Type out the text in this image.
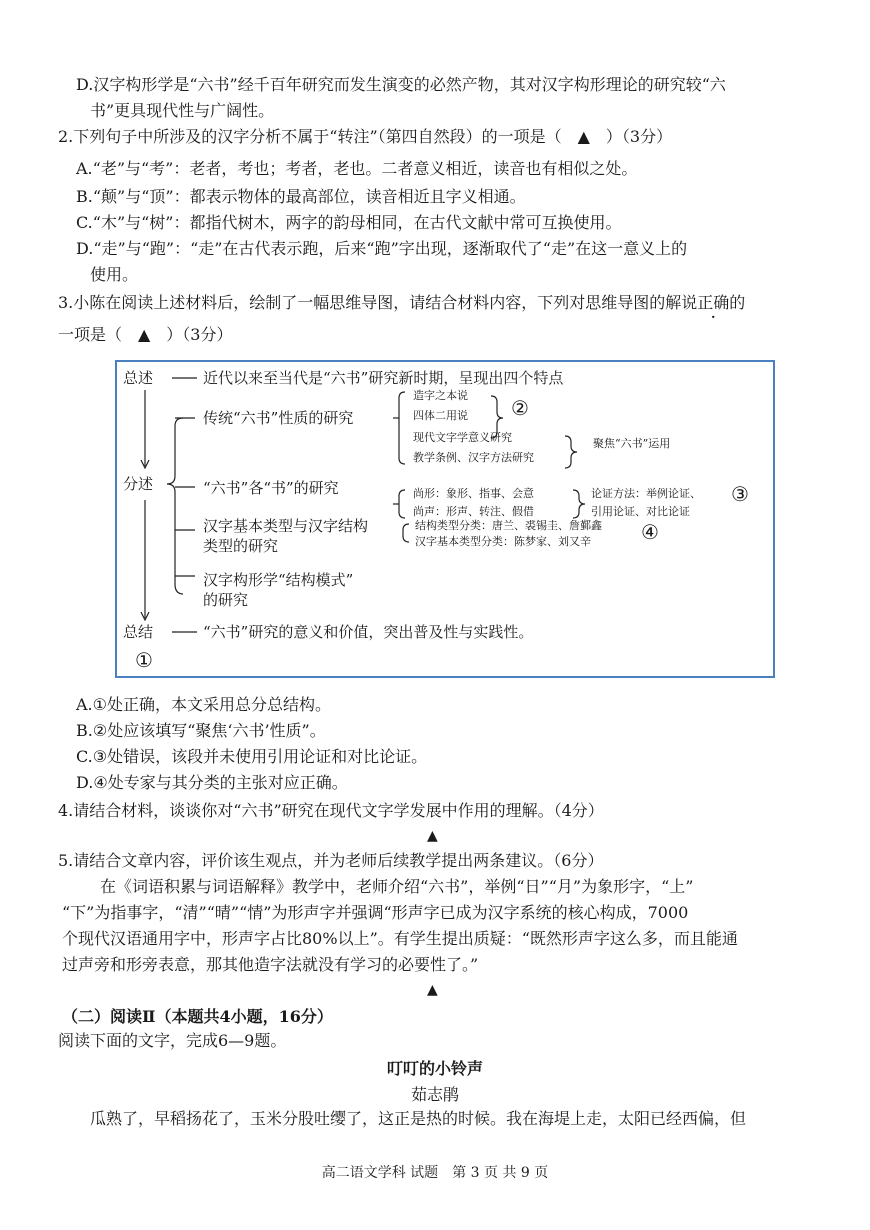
D.汉字构形学是“六书”经千百年研究而发生演变的必然产物，其对汉字构形理论的研究较“六
书”更具现代性与广阔性。
2.下列句子中所涉及的汉字分析不属于“转注”（第四自然段）的一项是（　▲　）（3分）
A.“老”与“考”：老者，考也；考者，老也。二者意义相近，读音也有相似之处。
B.“颠”与“顶”：都表示物体的最高部位，读音相近且字义相通。
C.“木”与“树”：都指代树木，两字的韵母相同，在古代文献中常可互换使用。
D.“走”与“跑”：“走”在古代表示跑，后来“跑”字出现，逐渐取代了“走”在这一意义上的
使用。
3.小陈在阅读上述材料后，绘制了一幅思维导图，请结合材料内容，下列对思维导图的解说正确的
一项是（　▲　）（3分）
总述	近代以来至当代是“六书”研究新时期，呈现出四个特点
分述
传统“六书”性质的研究
造字之本说
四体二用说
现代文字学意义研究
教学条例、汉字方法研究
②
聚焦“六书”运用
“六书”各“书”的研究	尚形：象形、指事、会意
尚声：形声、转注、假借
论证方法：举例论证、
引用论证、对比论证
③
汉字基本类型与汉字结构
类型的研究
结构类型分类：唐兰、裘锡圭、詹鄞鑫
汉字基本类型分类：陈梦家、刘又辛	④
汉字构形学“结构模式”
的研究
总结	“六书”研究的意义和价值，突出普及性与实践性。
①
A.①处正确，本文采用总分总结构。
B.②处应该填写“聚焦‘六书’性质”。
C.③处错误，该段并未使用引用论证和对比论证。
D.④处专家与其分类的主张对应正确。
4.请结合材料，谈谈你对“六书”研究在现代文字学发展中作用的理解。（4分）
▲
5.请结合文章内容，评价该生观点，并为老师后续教学提出两条建议。（6分）
在《词语积累与词语解释》教学中，老师介绍“六书”，举例“日”“月”为象形字，“上”
“下”为指事字，“清”“晴”“情”为形声字并强调“形声字已成为汉字系统的核心构成，7000
个现代汉语通用字中，形声字占比80%以上”。有学生提出质疑：“既然形声字这么多，而且能通
过声旁和形旁表意，那其他造字法就没有学习的必要性了。”
▲
（二）阅读Ⅱ（本题共4小题，16分）
阅读下面的文字，完成6—9题。
叮叮的小铃声
茹志鹃
瓜熟了，早稻扬花了，玉米分股吐缨了，这正是热的时候。我在海堤上走，太阳已经西偏，但
高二语文学科 试题　第 3 页 共 9 页
